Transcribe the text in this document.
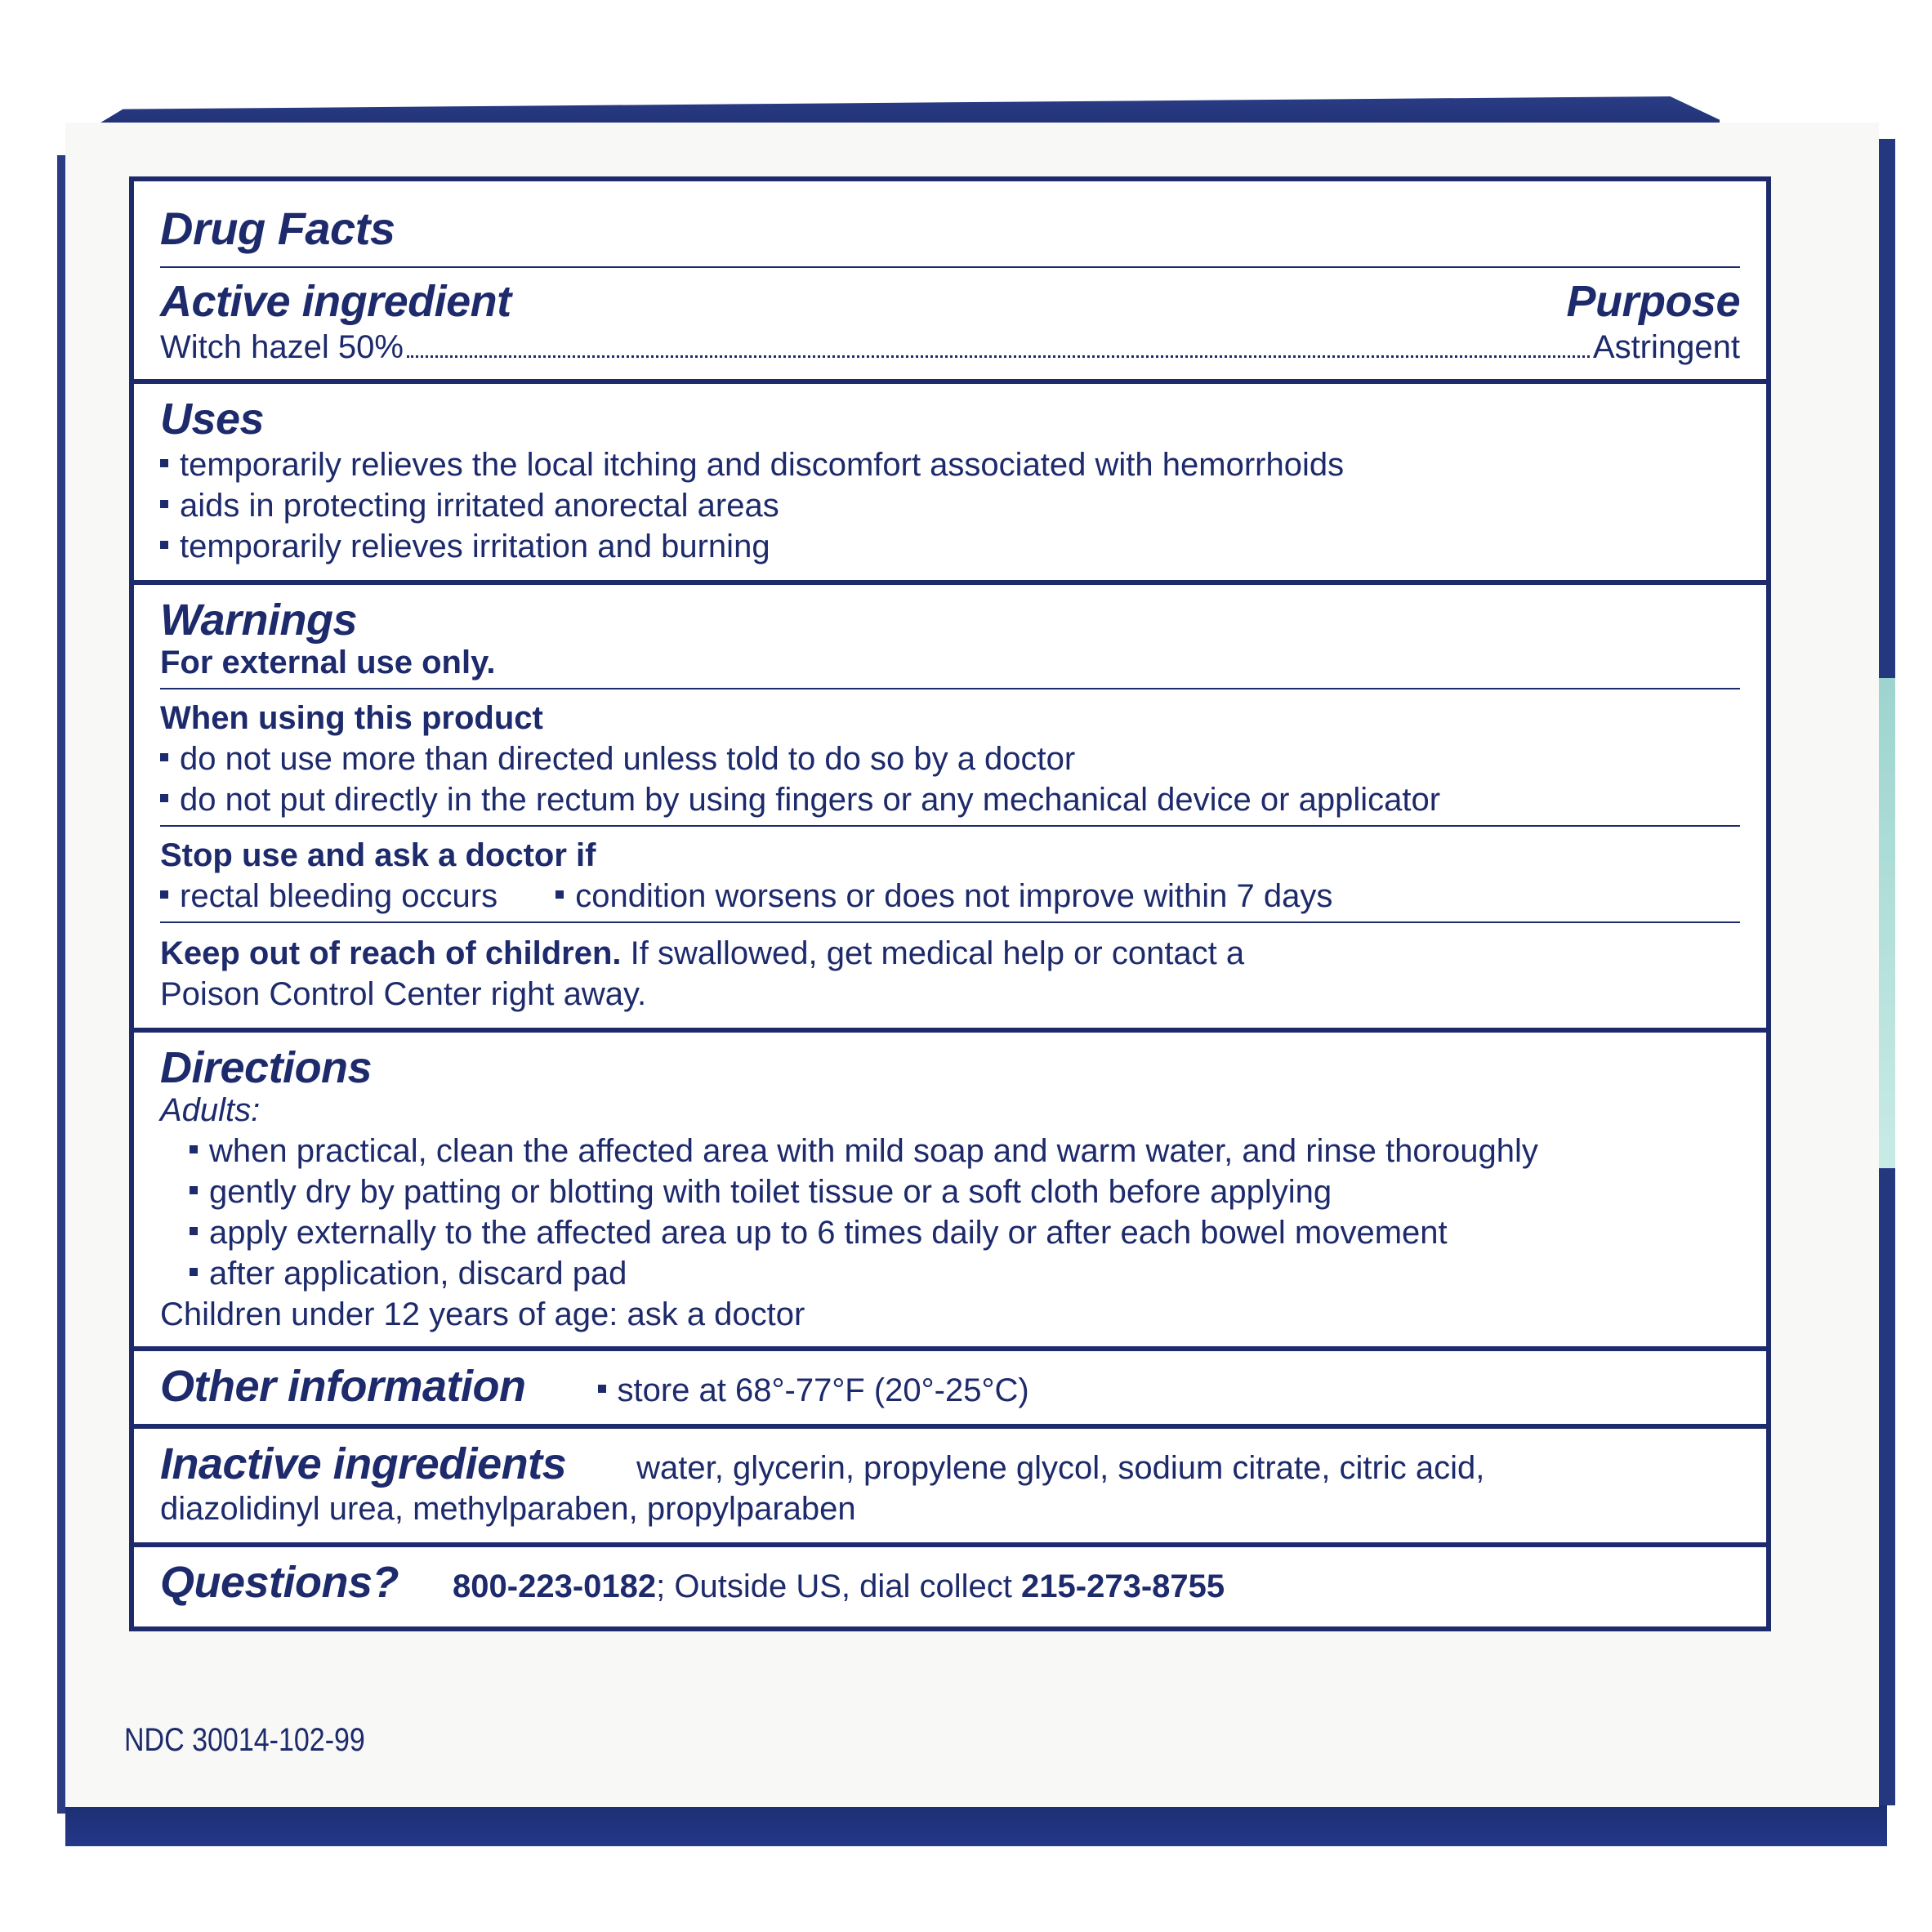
Drug Facts
Active ingredient	Purpose
Witch hazel 50%	Astringent
Uses
temporarily relieves the local itching and discomfort associated with hemorrhoids
aids in protecting irritated anorectal areas
temporarily relieves irritation and burning
Warnings
For external use only.
When using this product
do not use more than directed unless told to do so by a doctor
do not put directly in the rectum by using fingers or any mechanical device or applicator
Stop use and ask a doctor if
rectal bleeding occurs condition worsens or does not improve within 7 days
Keep out of reach of children. If swallowed, get medical help or contact a
Poison Control Center right away.
Directions
Adults:
when practical, clean the affected area with mild soap and warm water, and rinse thoroughly
gently dry by patting or blotting with toilet tissue or a soft cloth before applying
apply externally to the affected area up to 6 times daily or after each bowel movement
after application, discard pad
Children under 12 years of age: ask a doctor
Other information	store at 68°-77°F (20°-25°C)
Inactive ingredients water, glycerin, propylene glycol, sodium citrate, citric acid,
diazolidinyl urea, methylparaben, propylparaben
Questions? 800-223-0182; Outside US, dial collect 215-273-8755
NDC 30014-102-99
